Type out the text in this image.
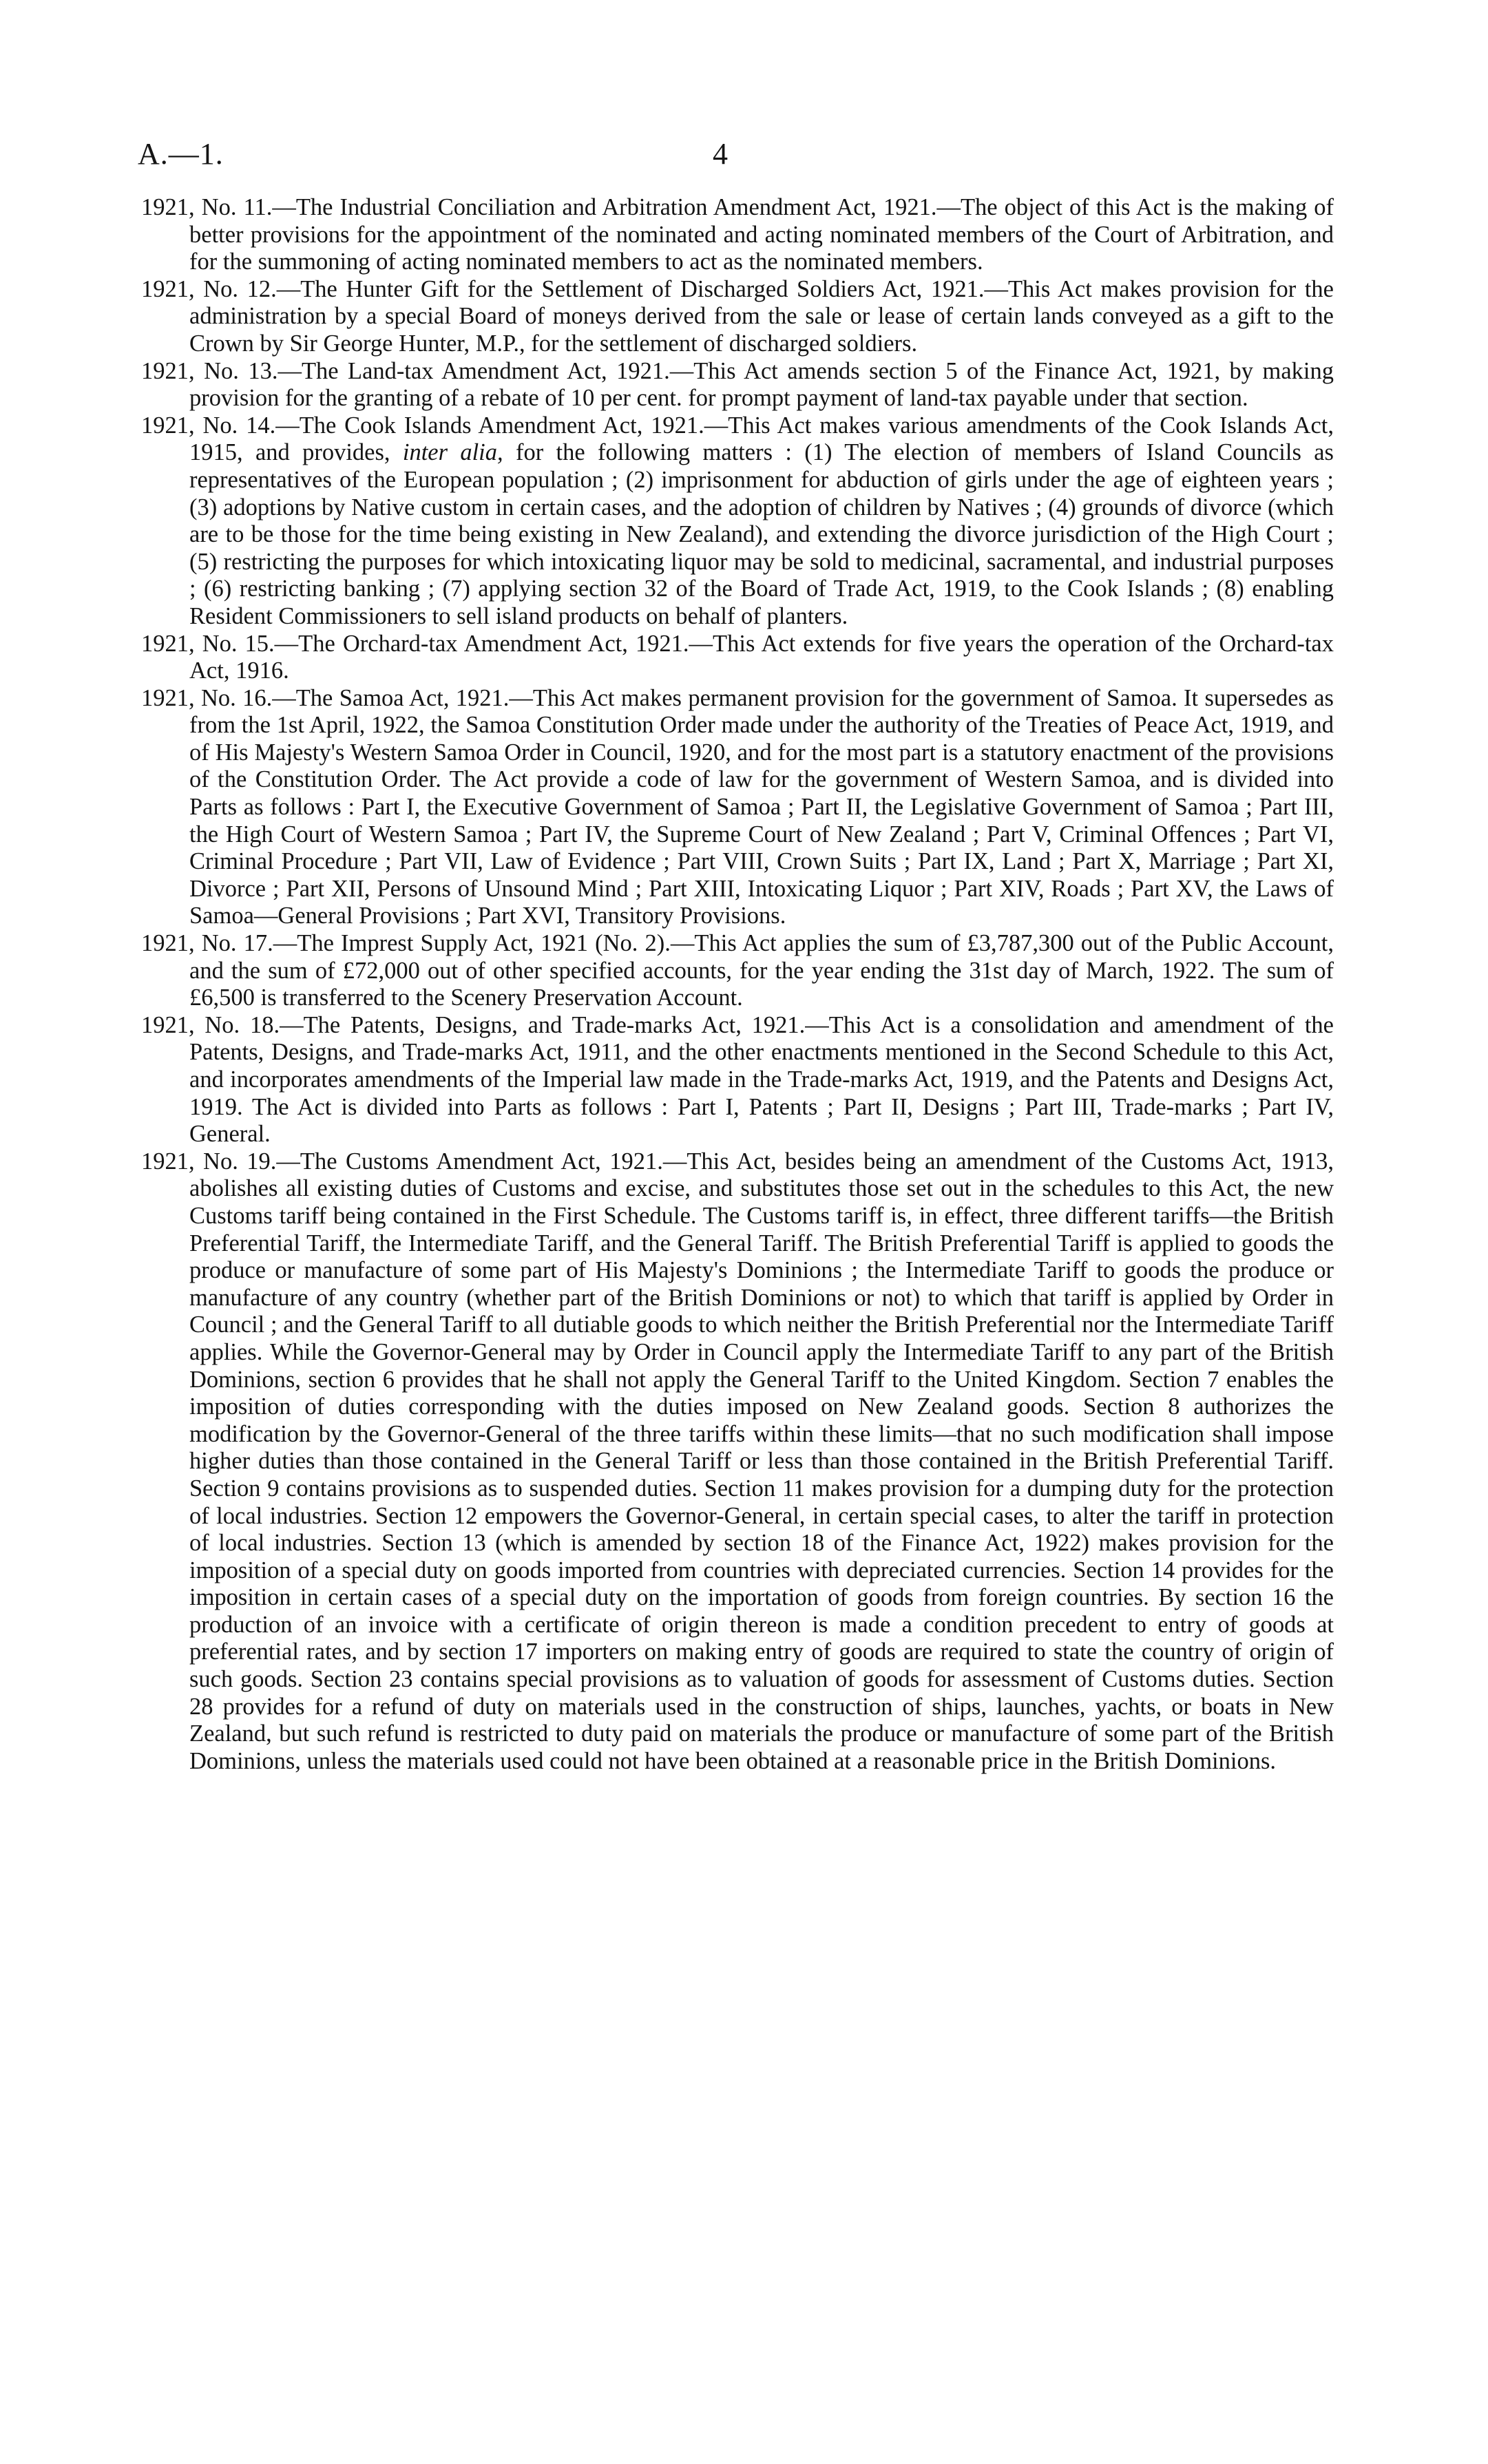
A.—1.	4

1921, No. 11.—The Industrial Conciliation and Arbitration Amendment Act, 1921.—The object of this Act is the making of better provisions for the appointment of the nominated and acting nominated members of the Court of Arbitration, and for the summoning of acting nominated members to act as the nominated members.

1921, No. 12.—The Hunter Gift for the Settlement of Discharged Soldiers Act, 1921.—This Act makes provision for the administration by a special Board of moneys derived from the sale or lease of certain lands conveyed as a gift to the Crown by Sir George Hunter, M.P., for the settlement of discharged soldiers.

1921, No. 13.—The Land-tax Amendment Act, 1921.—This Act amends section 5 of the Finance Act, 1921, by making provision for the granting of a rebate of 10 per cent. for prompt payment of land-tax payable under that section.

1921, No. 14.—The Cook Islands Amendment Act, 1921.—This Act makes various amendments of the Cook Islands Act, 1915, and provides, inter alia, for the following matters : (1) The election of members of Island Councils as representatives of the European population ; (2) imprisonment for abduction of girls under the age of eighteen years ; (3) adoptions by Native custom in certain cases, and the adoption of children by Natives ; (4) grounds of divorce (which are to be those for the time being existing in New Zealand), and extending the divorce jurisdiction of the High Court ; (5) restricting the purposes for which intoxicating liquor may be sold to medicinal, sacramental, and industrial purposes ; (6) restricting banking ; (7) applying section 32 of the Board of Trade Act, 1919, to the Cook Islands ; (8) enabling Resident Commissioners to sell island products on behalf of planters.

1921, No. 15.—The Orchard-tax Amendment Act, 1921.—This Act extends for five years the operation of the Orchard-tax Act, 1916.

1921, No. 16.—The Samoa Act, 1921.—This Act makes permanent provision for the government of Samoa. It supersedes as from the 1st April, 1922, the Samoa Constitution Order made under the authority of the Treaties of Peace Act, 1919, and of His Majesty's Western Samoa Order in Council, 1920, and for the most part is a statutory enactment of the provisions of the Constitution Order. The Act provide a code of law for the government of Western Samoa, and is divided into Parts as follows : Part I, the Executive Government of Samoa ; Part II, the Legislative Government of Samoa ; Part III, the High Court of Western Samoa ; Part IV, the Supreme Court of New Zealand ; Part V, Criminal Offences ; Part VI, Criminal Procedure ; Part VII, Law of Evidence ; Part VIII, Crown Suits ; Part IX, Land ; Part X, Marriage ; Part XI, Divorce ; Part XII, Persons of Unsound Mind ; Part XIII, Intoxicating Liquor ; Part XIV, Roads ; Part XV, the Laws of Samoa—General Provisions ; Part XVI, Transitory Provisions.

1921, No. 17.—The Imprest Supply Act, 1921 (No. 2).—This Act applies the sum of £3,787,300 out of the Public Account, and the sum of £72,000 out of other specified accounts, for the year ending the 31st day of March, 1922. The sum of £6,500 is transferred to the Scenery Preservation Account.

1921, No. 18.—The Patents, Designs, and Trade-marks Act, 1921.—This Act is a consolidation and amendment of the Patents, Designs, and Trade-marks Act, 1911, and the other enactments mentioned in the Second Schedule to this Act, and incorporates amendments of the Imperial law made in the Trade-marks Act, 1919, and the Patents and Designs Act, 1919. The Act is divided into Parts as follows : Part I, Patents ; Part II, Designs ; Part III, Trade-marks ; Part IV, General.

1921, No. 19.—The Customs Amendment Act, 1921.—This Act, besides being an amendment of the Customs Act, 1913, abolishes all existing duties of Customs and excise, and substitutes those set out in the schedules to this Act, the new Customs tariff being contained in the First Schedule. The Customs tariff is, in effect, three different tariffs—the British Preferential Tariff, the Intermediate Tariff, and the General Tariff. The British Preferential Tariff is applied to goods the produce or manufacture of some part of His Majesty's Dominions ; the Intermediate Tariff to goods the produce or manufacture of any country (whether part of the British Dominions or not) to which that tariff is applied by Order in Council ; and the General Tariff to all dutiable goods to which neither the British Preferential nor the Intermediate Tariff applies. While the Governor-General may by Order in Council apply the Intermediate Tariff to any part of the British Dominions, section 6 provides that he shall not apply the General Tariff to the United Kingdom. Section 7 enables the imposition of duties corresponding with the duties imposed on New Zealand goods. Section 8 authorizes the modification by the Governor-General of the three tariffs within these limits—that no such modification shall impose higher duties than those contained in the General Tariff or less than those contained in the British Preferential Tariff. Section 9 contains provisions as to suspended duties. Section 11 makes provision for a dumping duty for the protection of local industries. Section 12 empowers the Governor-General, in certain special cases, to alter the tariff in protection of local industries. Section 13 (which is amended by section 18 of the Finance Act, 1922) makes provision for the imposition of a special duty on goods imported from countries with depreciated currencies. Section 14 provides for the imposition in certain cases of a special duty on the importation of goods from foreign countries. By section 16 the production of an invoice with a certificate of origin thereon is made a condition precedent to entry of goods at preferential rates, and by section 17 importers on making entry of goods are required to state the country of origin of such goods. Section 23 contains special provisions as to valuation of goods for assessment of Customs duties. Section 28 provides for a refund of duty on materials used in the construction of ships, launches, yachts, or boats in New Zealand, but such refund is restricted to duty paid on materials the produce or manufacture of some part of the British Dominions, unless the materials used could not have been obtained at a reasonable price in the British Dominions.
